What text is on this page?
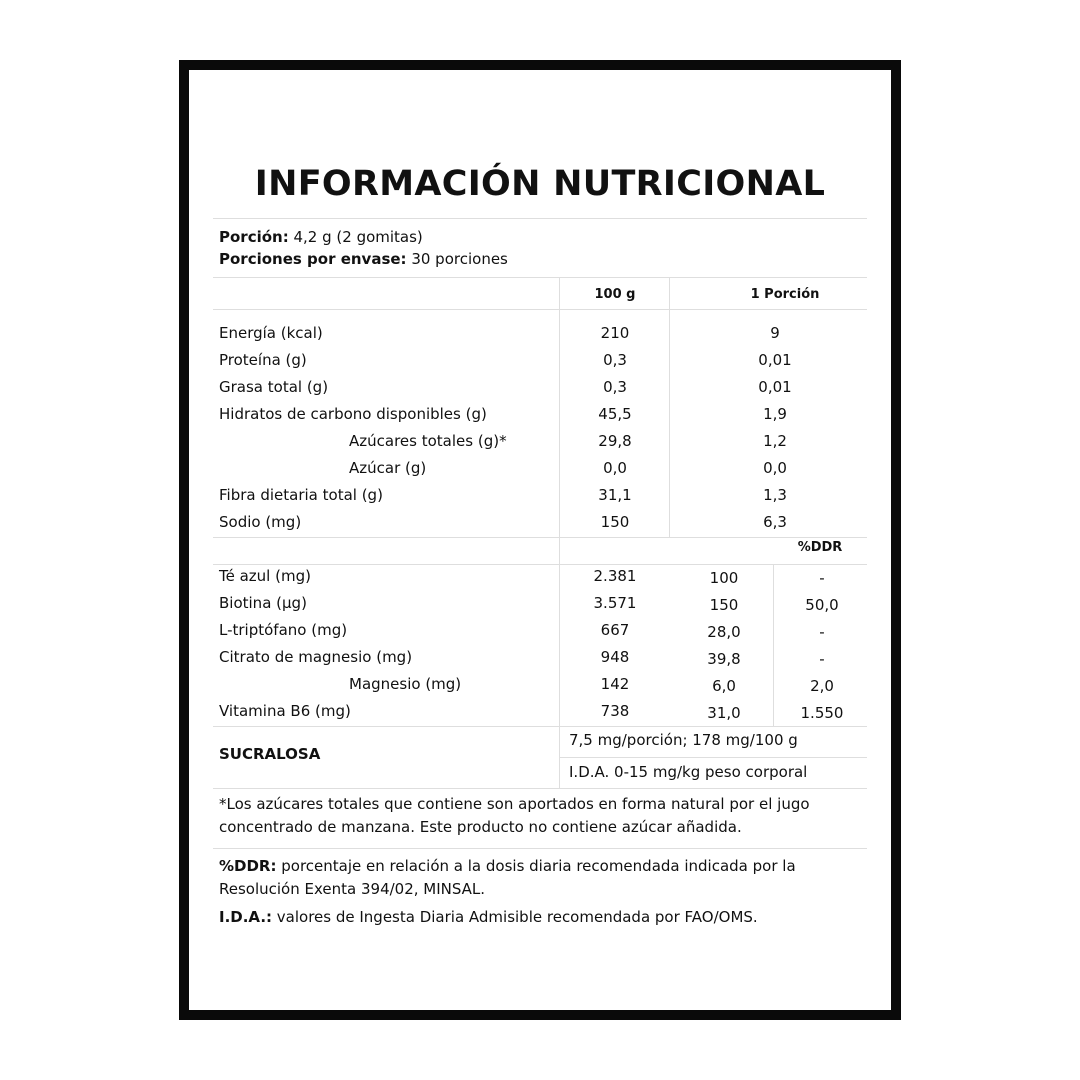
INFORMACIÓN NUTRICIONAL
Porción: 4,2 g (2 gomitas)
Porciones por envase: 30 porciones
100 g	1 Porción
%DDR
Energía (kcal)	210	9
Proteína (g)	0,3	0,01
Grasa total (g)	0,3	0,01
Hidratos de carbono disponibles (g)	45,5	1,9
Azúcares totales (g)*	29,8	1,2
Azúcar (g)	0,0	0,0
Fibra dietaria total (g)	31,1	1,3
Sodio (mg)	150	6,3
Té azul (mg)	2.381	100	-
Biotina (µg)	3.571	150	50,0
L-triptófano (mg)	667	28,0	-
Citrato de magnesio (mg)	948	39,8	-
Magnesio (mg)	142	6,0	2,0
Vitamina B6 (mg)	738	31,0	1.550
SUCRALOSA
7,5 mg/porción; 178 mg/100 g
I.D.A. 0-15 mg/kg peso corporal
*Los azúcares totales que contiene son aportados en forma natural por el jugo
concentrado de manzana. Este producto no contiene azúcar añadida.
%DDR: porcentaje en relación a la dosis diaria recomendada indicada por la
Resolución Exenta 394/02, MINSAL.
I.D.A.: valores de Ingesta Diaria Admisible recomendada por FAO/OMS.
